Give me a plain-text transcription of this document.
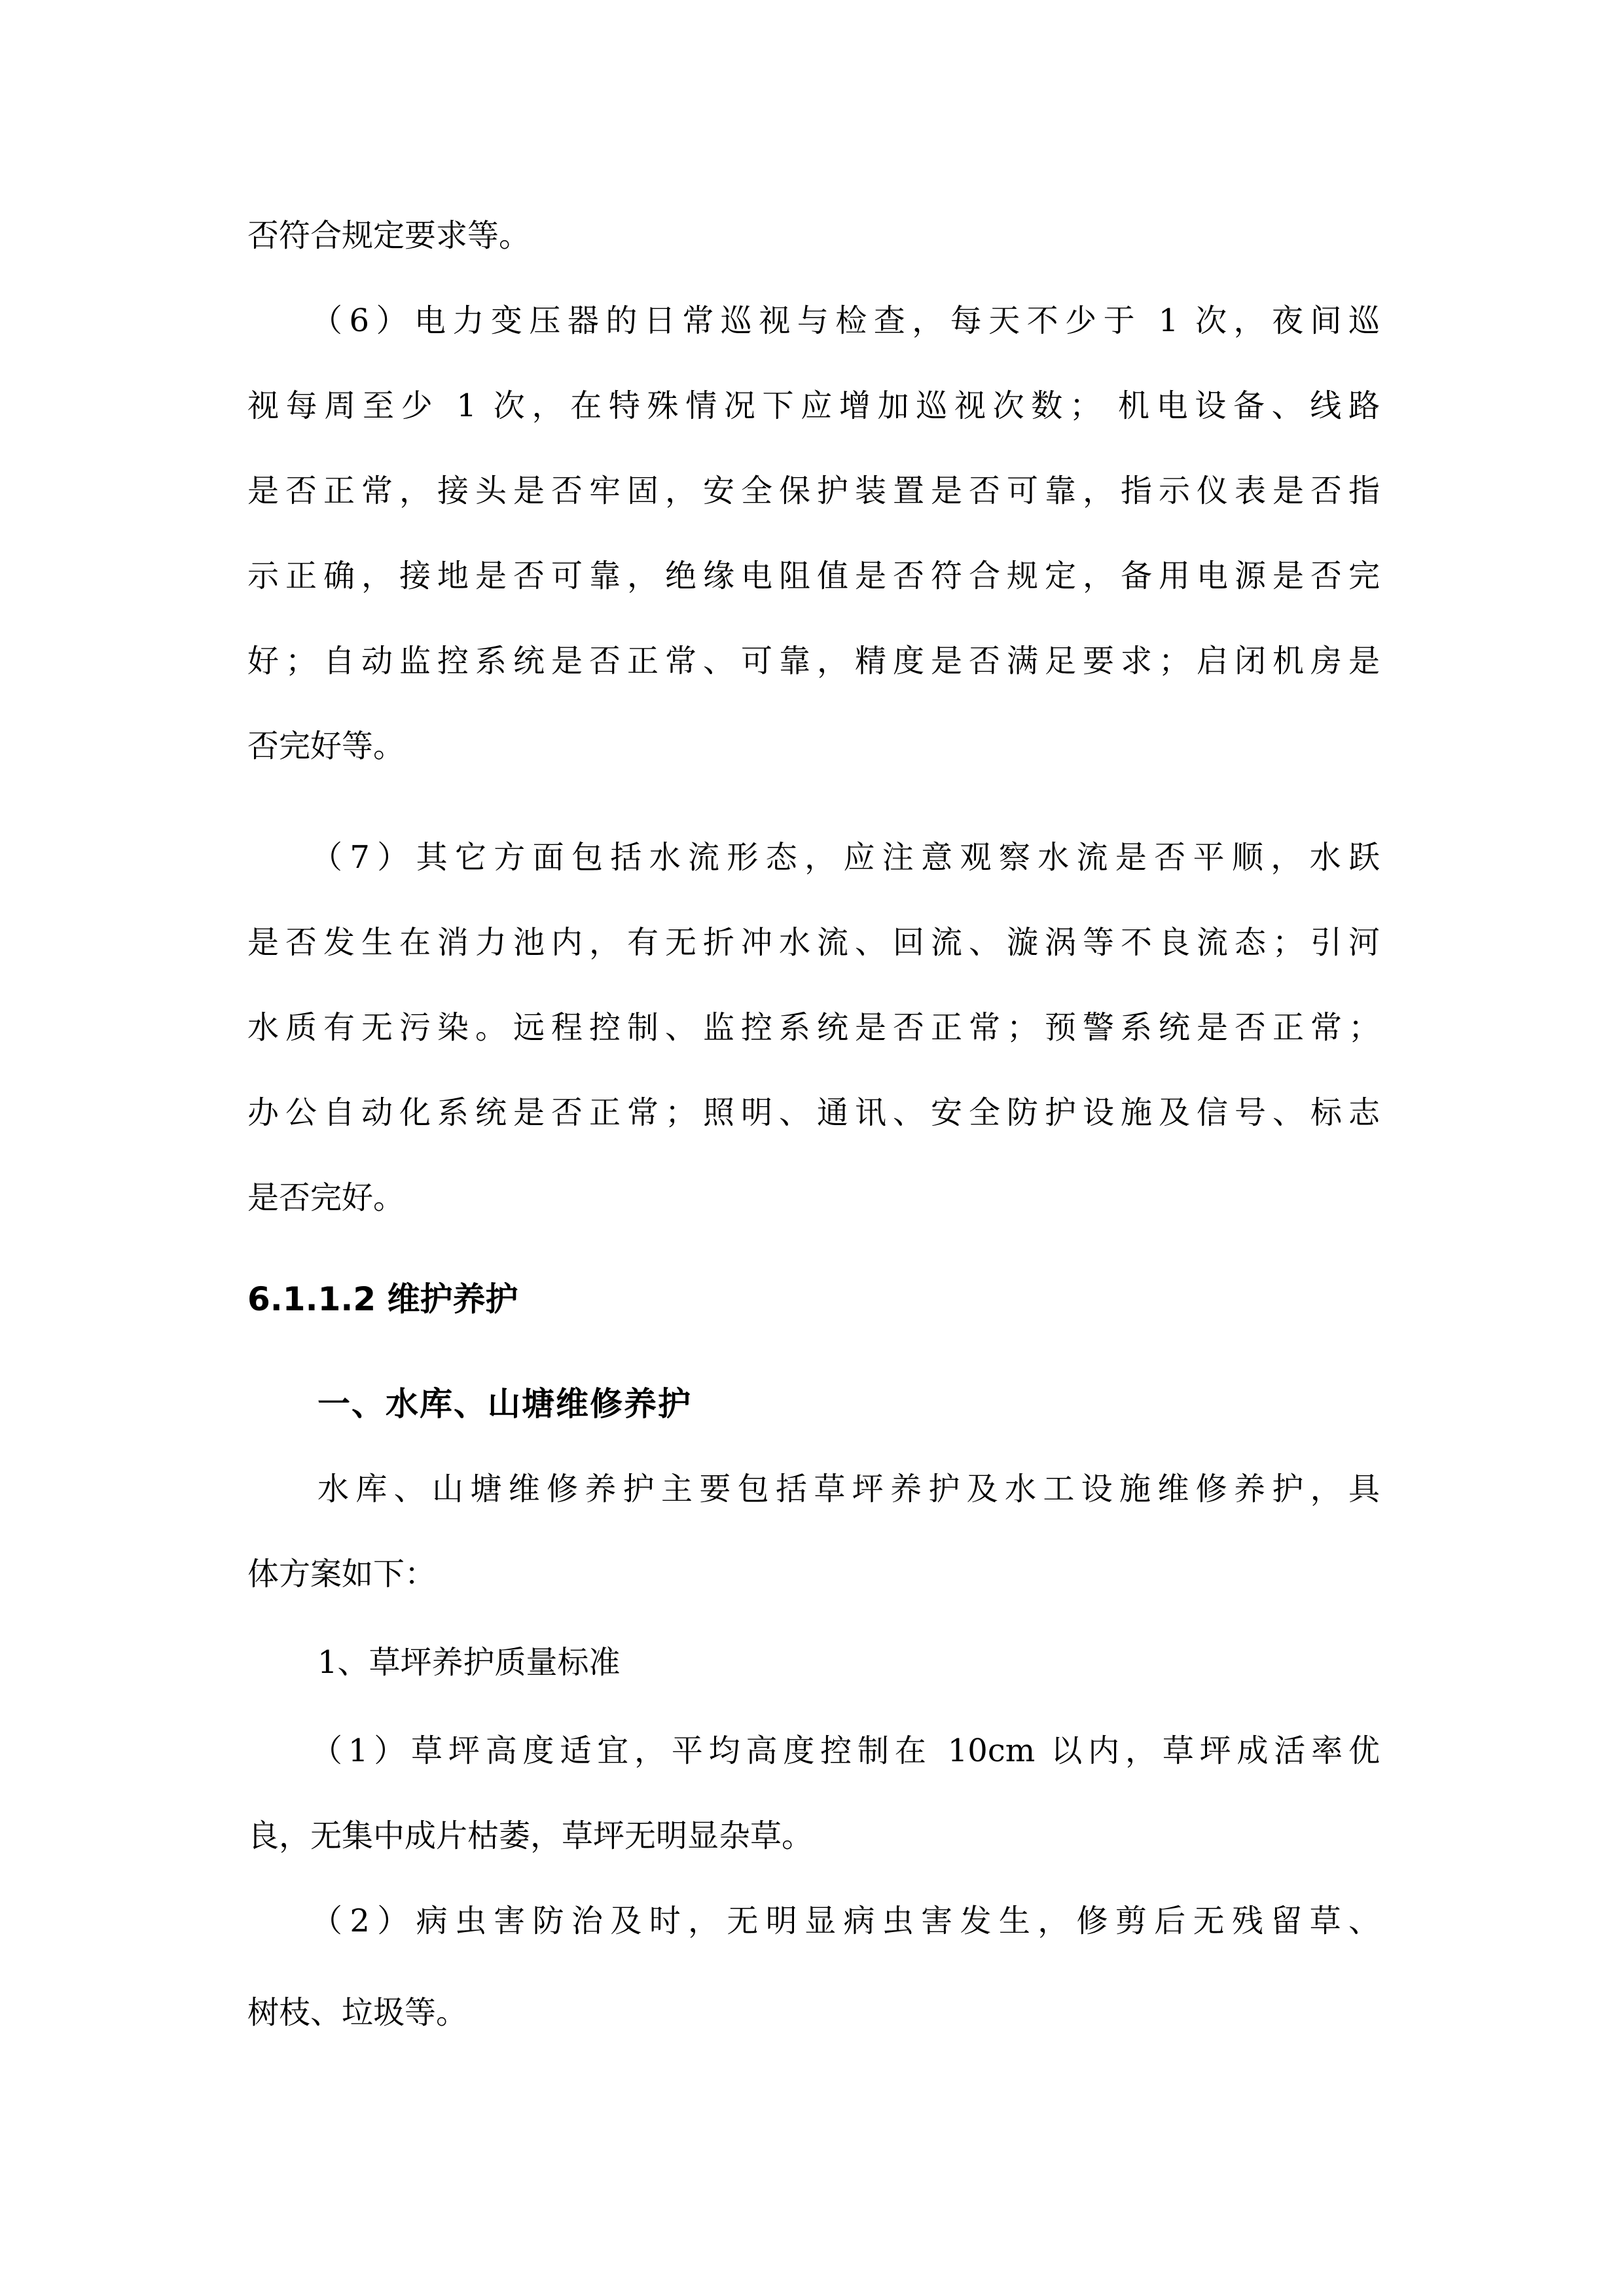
否符合规定要求等。
（6）电力变压器的日常巡视与检查，每天不少于 1 次，夜间巡
视每周至少 1 次，在特殊情况下应增加巡视次数； 机电设备、线路
是否正常，接头是否牢固，安全保护装置是否可靠，指示仪表是否指
示正确，接地是否可靠，绝缘电阻值是否符合规定，备用电源是否完
好；自动监控系统是否正常、可靠，精度是否满足要求；启闭机房是
否完好等。
（7）其它方面包括水流形态，应注意观察水流是否平顺，水跃
是否发生在消力池内，有无折冲水流、回流、漩涡等不良流态；引河
水质有无污染。远程控制、监控系统是否正常；预警系统是否正常；
办公自动化系统是否正常；照明、通讯、安全防护设施及信号、标志
是否完好。
6.1.1.2 维护养护
一、水库、山塘维修养护
水库、山塘维修养护主要包括草坪养护及水工设施维修养护，具
体方案如下：
1、草坪养护质量标准
（1）草坪高度适宜，平均高度控制在 10cm 以内，草坪成活率优
良，无集中成片枯萎，草坪无明显杂草。
（2）病虫害防治及时，无明显病虫害发生，修剪后无残留草、
树枝、垃圾等。
